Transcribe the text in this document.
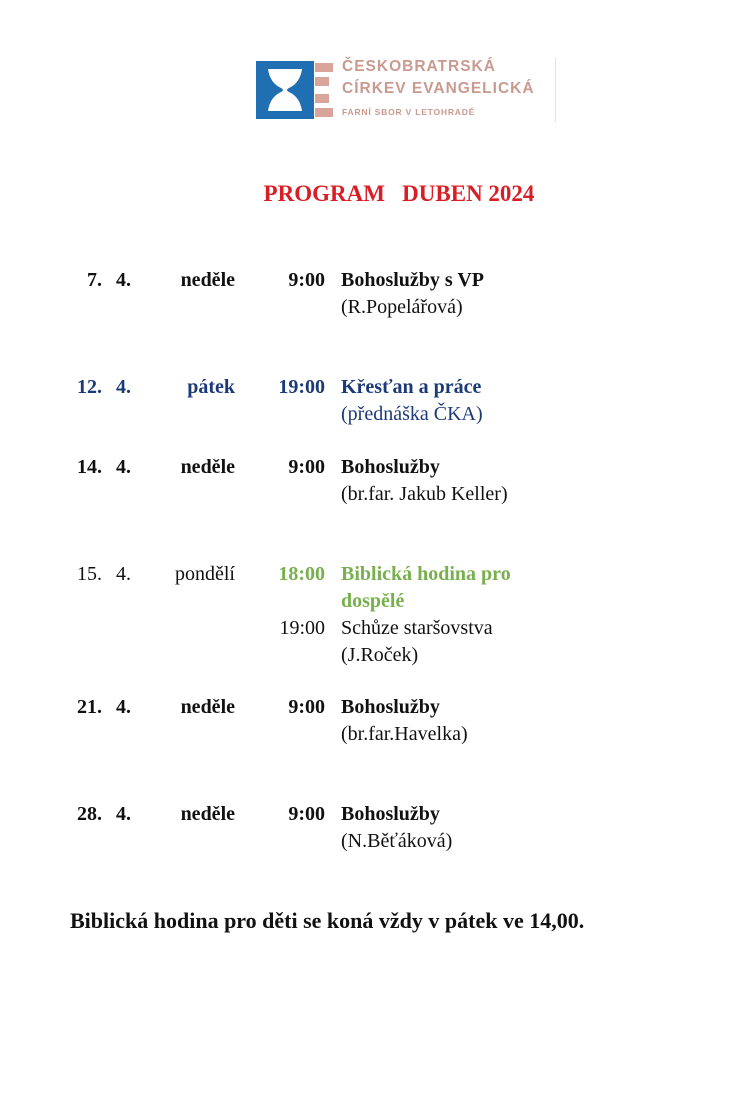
ČESKOBRATRSKÁ
CÍRKEV EVANGELICKÁ
FARNÍ SBOR V LETOHRADĚ
PROGRAM   DUBEN 2024
7. 4. neděle	9:00 Bohoslužby s VP
(R.Popelářová)
12. 4.	pátek 19:00 Křesťan a práce
(přednáška ČKA)
14. 4. neděle	9:00 Bohoslužby
(br.far. Jakub Keller)
15. 4. pondělí 18:00 Biblická hodina pro
dospělé
19:00 Schůze staršovstva
(J.Roček)
21. 4. neděle	9:00 Bohoslužby
(br.far.Havelka)
28. 4. neděle	9:00 Bohoslužby
(N.Běťáková)
Biblická hodina pro děti se koná vždy v pátek ve 14,00.
